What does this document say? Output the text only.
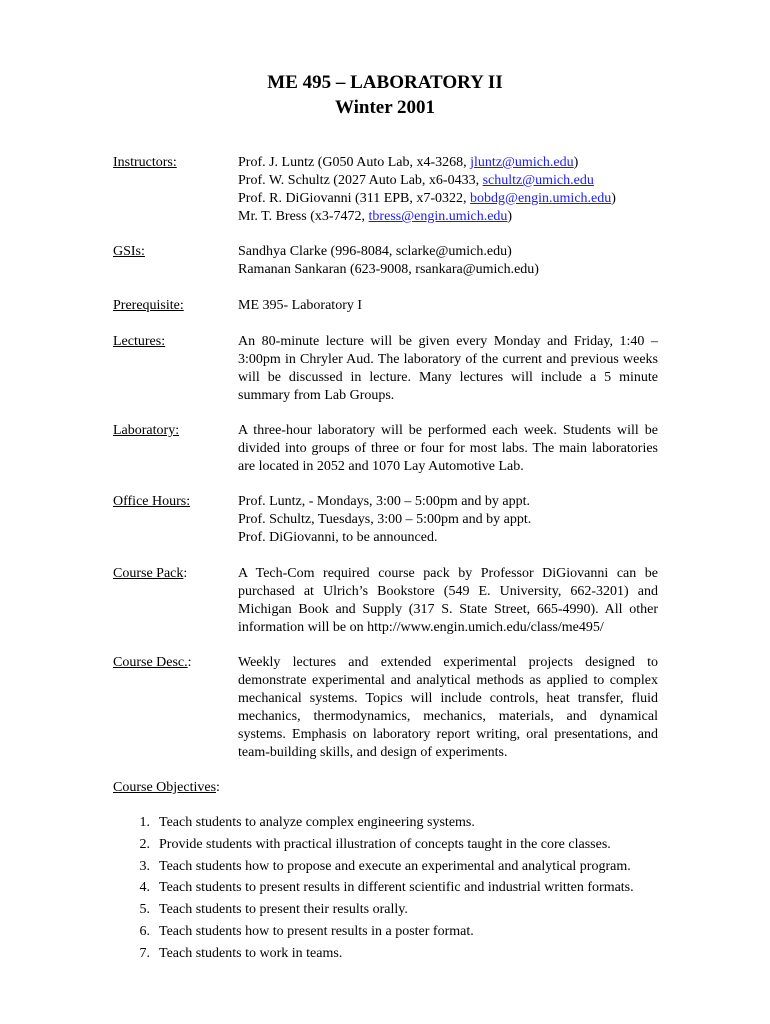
ME 495 – LABORATORY II
Winter 2001
Instructors:	Prof. J. Luntz (G050 Auto Lab, x4-3268, jluntz@umich.edu)
Prof. W. Schultz (2027 Auto Lab, x6-0433, schultz@umich.edu
Prof. R. DiGiovanni (311 EPB, x7-0322, bobdg@engin.umich.edu)
Mr. T. Bress (x3-7472, tbress@engin.umich.edu)
GSIs:	Sandhya Clarke (996-8084, sclarke@umich.edu)
Ramanan Sankaran (623-9008, rsankara@umich.edu)
Prerequisite:	ME 395- Laboratory I
Lectures:	An 80-minute lecture will be given every Monday and Friday, 1:40 – 3:00pm in Chryler Aud. The laboratory of the current and previous weeks will be discussed in lecture. Many lectures will include a 5 minute summary from Lab Groups.
Laboratory:	A three-hour laboratory will be performed each week. Students will be divided into groups of three or four for most labs. The main laboratories are located in 2052 and 1070 Lay Automotive Lab.
Office Hours:	Prof. Luntz, - Mondays, 3:00 – 5:00pm and by appt.
Prof. Schultz, Tuesdays, 3:00 – 5:00pm and by appt.
Prof. DiGiovanni, to be announced.
Course Pack:	A Tech-Com required course pack by Professor DiGiovanni can be purchased at Ulrich’s Bookstore (549 E. University, 662-3201) and Michigan Book and Supply (317 S. State Street, 665-4990). All other information will be on http://www.engin.umich.edu/class/me495/
Course Desc.:	Weekly lectures and extended experimental projects designed to demonstrate experimental and analytical methods as applied to complex mechanical systems. Topics will include controls, heat transfer, fluid mechanics, thermodynamics, mechanics, materials, and dynamical systems. Emphasis on laboratory report writing, oral presentations, and team-building skills, and design of experiments.
Course Objectives:
1. Teach students to analyze complex engineering systems.
2. Provide students with practical illustration of concepts taught in the core classes.
3. Teach students how to propose and execute an experimental and analytical program.
4. Teach students to present results in different scientific and industrial written formats.
5. Teach students to present their results orally.
6. Teach students how to present results in a poster format.
7. Teach students to work in teams.
